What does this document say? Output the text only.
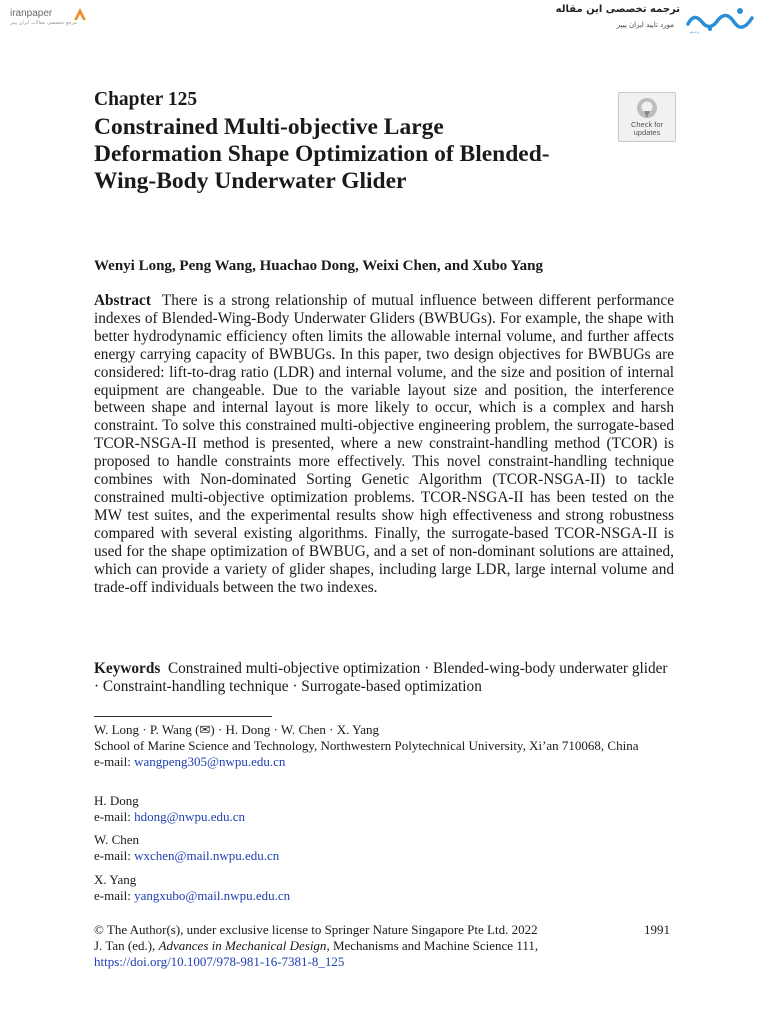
iranpaper
مرجع تخصصی مقالات ایران پیپر
ترجمه تخصصی این مقاله
مورد تایید ایران پیپر
ترجمانو
Chapter 125
Constrained Multi-objective Large Deformation Shape Optimization of Blended-Wing-Body Underwater Glider
Check for
updates
Wenyi Long, Peng Wang, Huachao Dong, Weixi Chen, and Xubo Yang
Abstract There is a strong relationship of mutual influence between different performance indexes of Blended-Wing-Body Underwater Gliders (BWBUGs). For example, the shape with better hydrodynamic efficiency often limits the allowable internal volume, and further affects energy carrying capacity of BWBUGs. In this paper, two design objectives for BWBUGs are considered: lift-to-drag ratio (LDR) and internal volume, and the size and position of internal equipment are changeable. Due to the variable layout size and position, the interference between shape and internal layout is more likely to occur, which is a complex and harsh constraint. To solve this constrained multi-objective engineering problem, the surrogate-based TCOR-NSGA-II method is presented, where a new constraint-handling method (TCOR) is proposed to handle constraints more effectively. This novel constraint-handling technique combines with Non-dominated Sorting Genetic Algorithm (TCOR-NSGA-II) to tackle constrained multi-objective optimization problems. TCOR-NSGA-II has been tested on the MW test suites, and the experimental results show high effectiveness and strong robustness compared with several existing algorithms. Finally, the surrogate-based TCOR-NSGA-II is used for the shape optimization of BWBUG, and a set of non-dominant solutions are attained, which can provide a variety of glider shapes, including large LDR, large internal volume and trade-off individuals between the two indexes.
Keywords Constrained multi-objective optimization · Blended-wing-body underwater glider · Constraint-handling technique · Surrogate-based optimization
W. Long · P. Wang (✉) · H. Dong · W. Chen · X. Yang
School of Marine Science and Technology, Northwestern Polytechnical University, Xi’an 710068, China
e-mail: wangpeng305@nwpu.edu.cn
H. Dong
e-mail: hdong@nwpu.edu.cn
W. Chen
e-mail: wxchen@mail.nwpu.edu.cn
X. Yang
e-mail: yangxubo@mail.nwpu.edu.cn
© The Author(s), under exclusive license to Springer Nature Singapore Pte Ltd. 2022
J. Tan (ed.), Advances in Mechanical Design, Mechanisms and Machine Science 111,
https://doi.org/10.1007/978-981-16-7381-8_125
1991
